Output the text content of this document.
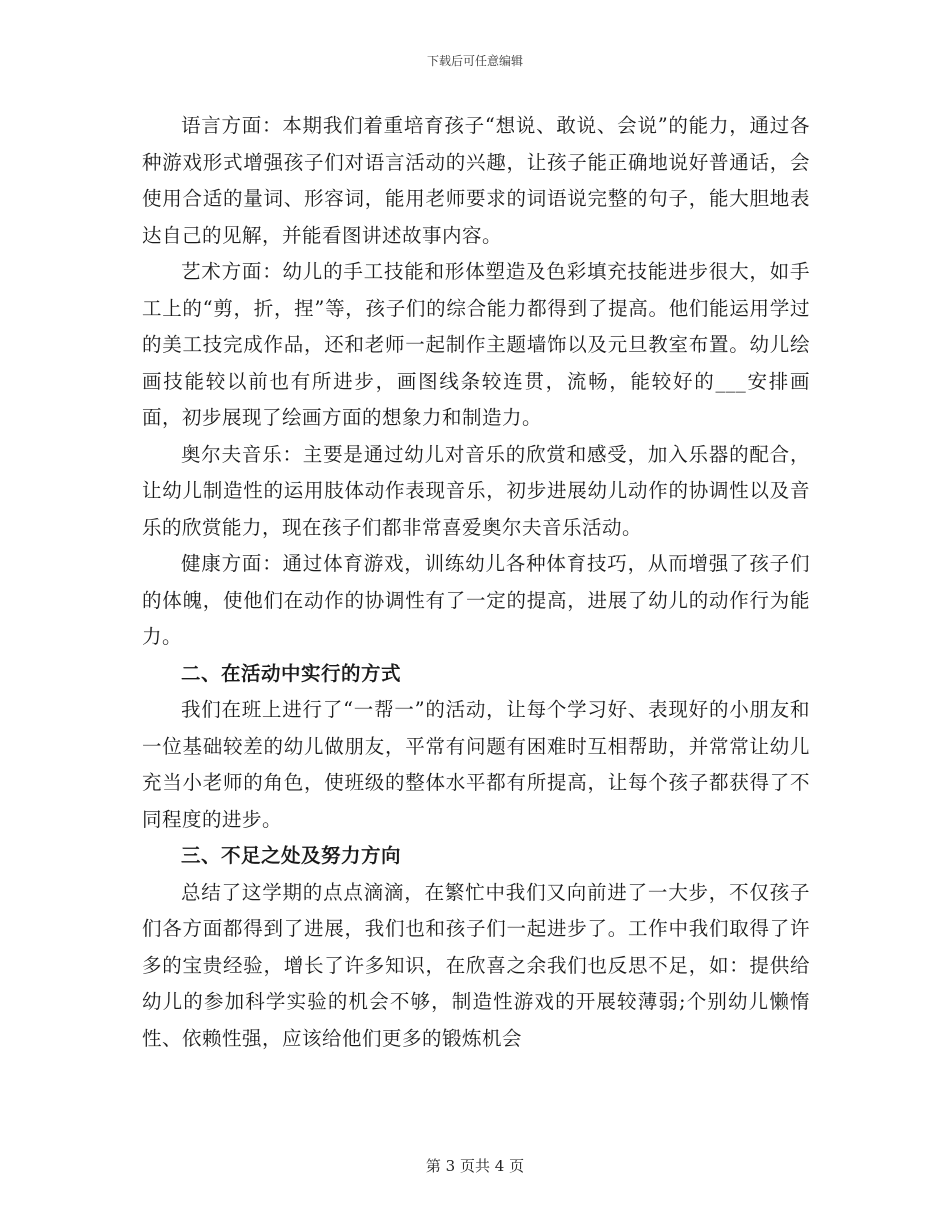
下载后可任意编辑

语言方面：本期我们着重培育孩子“想说、敢说、会说”的能力，通过各种游戏形式增强孩子们对语言活动的兴趣，让孩子能正确地说好普通话，会使用合适的量词、形容词，能用老师要求的词语说完整的句子，能大胆地表达自己的见解，并能看图讲述故事内容。

艺术方面：幼儿的手工技能和形体塑造及色彩填充技能进步很大，如手工上的“剪，折，捏”等，孩子们的综合能力都得到了提高。他们能运用学过的美工技完成作品，还和老师一起制作主题墙饰以及元旦教室布置。幼儿绘画技能较以前也有所进步，画图线条较连贯，流畅，能较好的___安排画面，初步展现了绘画方面的想象力和制造力。

奥尔夫音乐：主要是通过幼儿对音乐的欣赏和感受，加入乐器的配合，让幼儿制造性的运用肢体动作表现音乐，初步进展幼儿动作的协调性以及音乐的欣赏能力，现在孩子们都非常喜爱奥尔夫音乐活动。

健康方面：通过体育游戏，训练幼儿各种体育技巧，从而增强了孩子们的体魄，使他们在动作的协调性有了一定的提高，进展了幼儿的动作行为能力。

二、在活动中实行的方式

我们在班上进行了“一帮一”的活动，让每个学习好、表现好的小朋友和一位基础较差的幼儿做朋友，平常有问题有困难时互相帮助，并常常让幼儿充当小老师的角色，使班级的整体水平都有所提高，让每个孩子都获得了不同程度的进步。

三、不足之处及努力方向

总结了这学期的点点滴滴，在繁忙中我们又向前进了一大步，不仅孩子们各方面都得到了进展，我们也和孩子们一起进步了。工作中我们取得了许多的宝贵经验，增长了许多知识，在欣喜之余我们也反思不足，如：提供给幼儿的参加科学实验的机会不够，制造性游戏的开展较薄弱;个别幼儿懒惰性、依赖性强，应该给他们更多的锻炼机会

第 3 页共 4 页
